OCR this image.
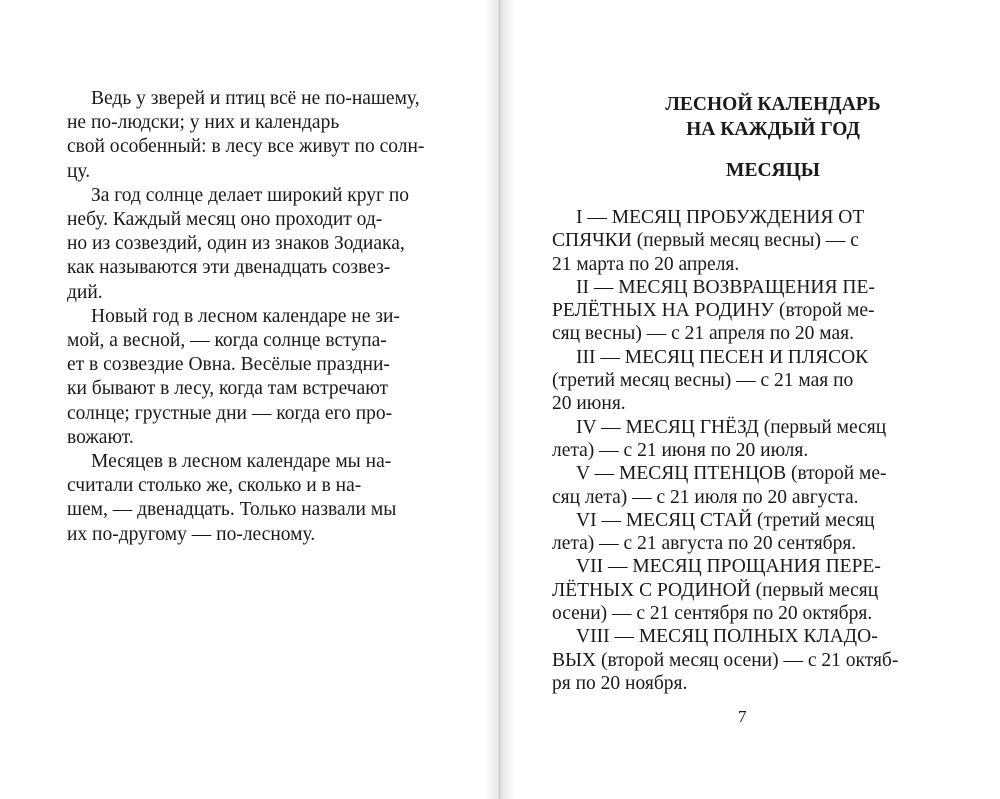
Ведь у зверей и птиц всё не по-нашему,
не по-людски; у них и календарь
свой особенный: в лесу все живут по солн-
цу.
За год солнце делает широкий круг по
небу. Каждый месяц оно проходит од-
но из созвездий, один из знаков Зодиака,
как называются эти двенадцать созвез-
дий.
Новый год в лесном календаре не зи-
мой, а весной, — когда солнце вступа-
ет в созвездие Овна. Весёлые праздни-
ки бывают в лесу, когда там встречают
солнце; грустные дни — когда его про-
вожают.
Месяцев в лесном календаре мы на-
считали столько же, сколько и в на-
шем, — двенадцать. Только назвали мы
их по-другому — по-лесному.
ЛЕСНОЙ КАЛЕНДАРЬ
НА КАЖДЫЙ ГОД
МЕСЯЦЫ
I — МЕСЯЦ ПРОБУЖДЕНИЯ ОТ
СПЯЧКИ (первый месяц весны) — с
21 марта по 20 апреля.
II — МЕСЯЦ ВОЗВРАЩЕНИЯ ПЕ-
РЕЛЁТНЫХ НА РОДИНУ (второй ме-
сяц весны) — с 21 апреля по 20 мая.
III — МЕСЯЦ ПЕСЕН И ПЛЯСОК
(третий месяц весны) — с 21 мая по
20 июня.
IV — МЕСЯЦ ГНЁЗД (первый месяц
лета) — с 21 июня по 20 июля.
V — МЕСЯЦ ПТЕНЦОВ (второй ме-
сяц лета) — с 21 июля по 20 августа.
VI — МЕСЯЦ СТАЙ (третий месяц
лета) — с 21 августа по 20 сентября.
VII — МЕСЯЦ ПРОЩАНИЯ ПЕРЕ-
ЛЁТНЫХ С РОДИНОЙ (первый месяц
осени) — с 21 сентября по 20 октября.
VIII — МЕСЯЦ ПОЛНЫХ КЛАДО-
ВЫХ (второй месяц осени) — с 21 октяб-
ря по 20 ноября.
7
